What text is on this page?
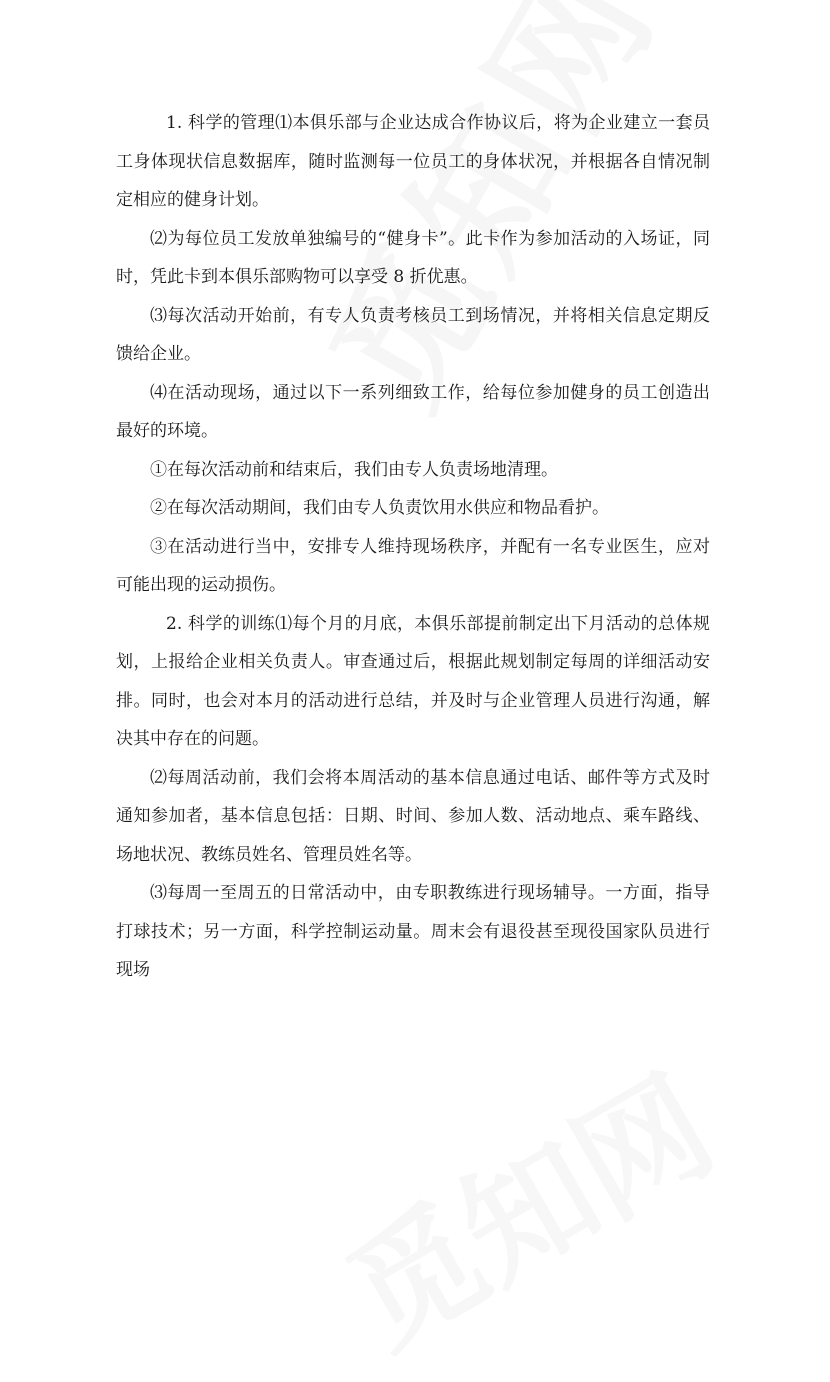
1. 科学的管理⑴本俱乐部与企业达成合作协议后，将为企业建立一套员工身体现状信息数据库，随时监测每一位员工的身体状况，并根据各自情况制定相应的健身计划。

⑵为每位员工发放单独编号的“健身卡”。此卡作为参加活动的入场证，同时，凭此卡到本俱乐部购物可以享受 8 折优惠。

⑶每次活动开始前，有专人负责考核员工到场情况，并将相关信息定期反馈给企业。

⑷在活动现场，通过以下一系列细致工作，给每位参加健身的员工创造出最好的环境。

①在每次活动前和结束后，我们由专人负责场地清理。

②在每次活动期间，我们由专人负责饮用水供应和物品看护。

③在活动进行当中，安排专人维持现场秩序，并配有一名专业医生，应对可能出现的运动损伤。

2. 科学的训练⑴每个月的月底，本俱乐部提前制定出下月活动的总体规划，上报给企业相关负责人。审查通过后，根据此规划制定每周的详细活动安排。同时，也会对本月的活动进行总结，并及时与企业管理人员进行沟通，解决其中存在的问题。

⑵每周活动前，我们会将本周活动的基本信息通过电话、邮件等方式及时通知参加者，基本信息包括：日期、时间、参加人数、活动地点、乘车路线、场地状况、教练员姓名、管理员姓名等。

⑶每周一至周五的日常活动中，由专职教练进行现场辅导。一方面，指导打球技术；另一方面，科学控制运动量。周末会有退役甚至现役国家队员进行现场
